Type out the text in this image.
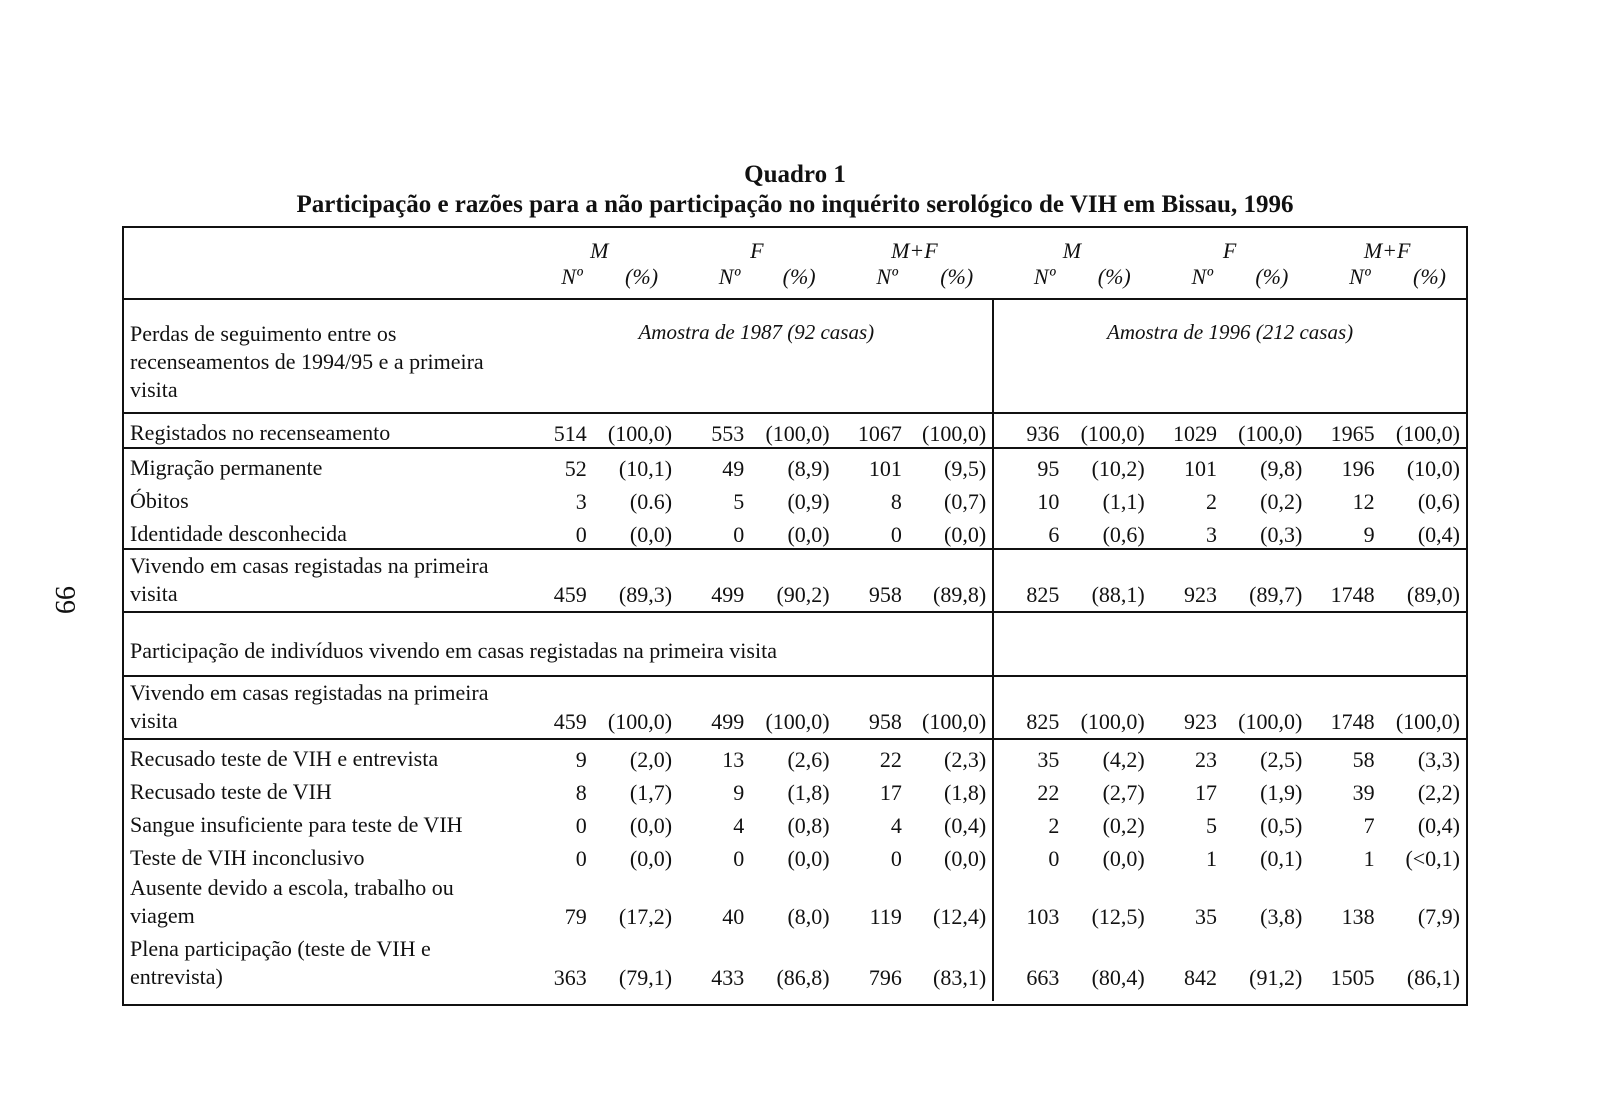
99
Quadro 1
Participação e razões para a não participação no inquérito serológico de VIH em Bissau, 1996
	M		F		M+F		M		F		M+F	
	Nº	(%)	Nº	(%)	Nº	(%)	Nº	(%)	Nº	(%)	Nº	(%)
Perdas de seguimento entre os recenseamentos de 1994/95 e a primeira visita	Amostra de 1987 (92 casas)						Amostra de 1996 (212 casas)					
Registados no recenseamento	514	(100,0)	553	(100,0)	1067	(100,0)	936	(100,0)	1029	(100,0)	1965	(100,0)
Migração permanente	52	(10,1)	49	(8,9)	101	(9,5)	95	(10,2)	101	(9,8)	196	(10,0)
Óbitos	3	(0.6)	5	(0,9)	8	(0,7)	10	(1,1)	2	(0,2)	12	(0,6)
Identidade desconhecida	0	(0,0)	0	(0,0)	0	(0,0)	6	(0,6)	3	(0,3)	9	(0,4)
Vivendo em casas registadas na primeira visita	459	(89,3)	499	(90,2)	958	(89,8)	825	(88,1)	923	(89,7)	1748	(89,0)
Participação de indivíduos vivendo em casas registadas na primeira visita												
Vivendo em casas registadas na primeira visita	459	(100,0)	499	(100,0)	958	(100,0)	825	(100,0)	923	(100,0)	1748	(100,0)
Recusado teste de VIH e entrevista	9	(2,0)	13	(2,6)	22	(2,3)	35	(4,2)	23	(2,5)	58	(3,3)
Recusado teste de VIH	8	(1,7)	9	(1,8)	17	(1,8)	22	(2,7)	17	(1,9)	39	(2,2)
Sangue insuficiente para teste de VIH	0	(0,0)	4	(0,8)	4	(0,4)	2	(0,2)	5	(0,5)	7	(0,4)
Teste de VIH inconclusivo	0	(0,0)	0	(0,0)	0	(0,0)	0	(0,0)	1	(0,1)	1	(<0,1)
Ausente devido a escola, trabalho ou viagem	79	(17,2)	40	(8,0)	119	(12,4)	103	(12,5)	35	(3,8)	138	(7,9)
Plena participação (teste de VIH e entrevista)	363	(79,1)	433	(86,8)	796	(83,1)	663	(80,4)	842	(91,2)	1505	(86,1)
